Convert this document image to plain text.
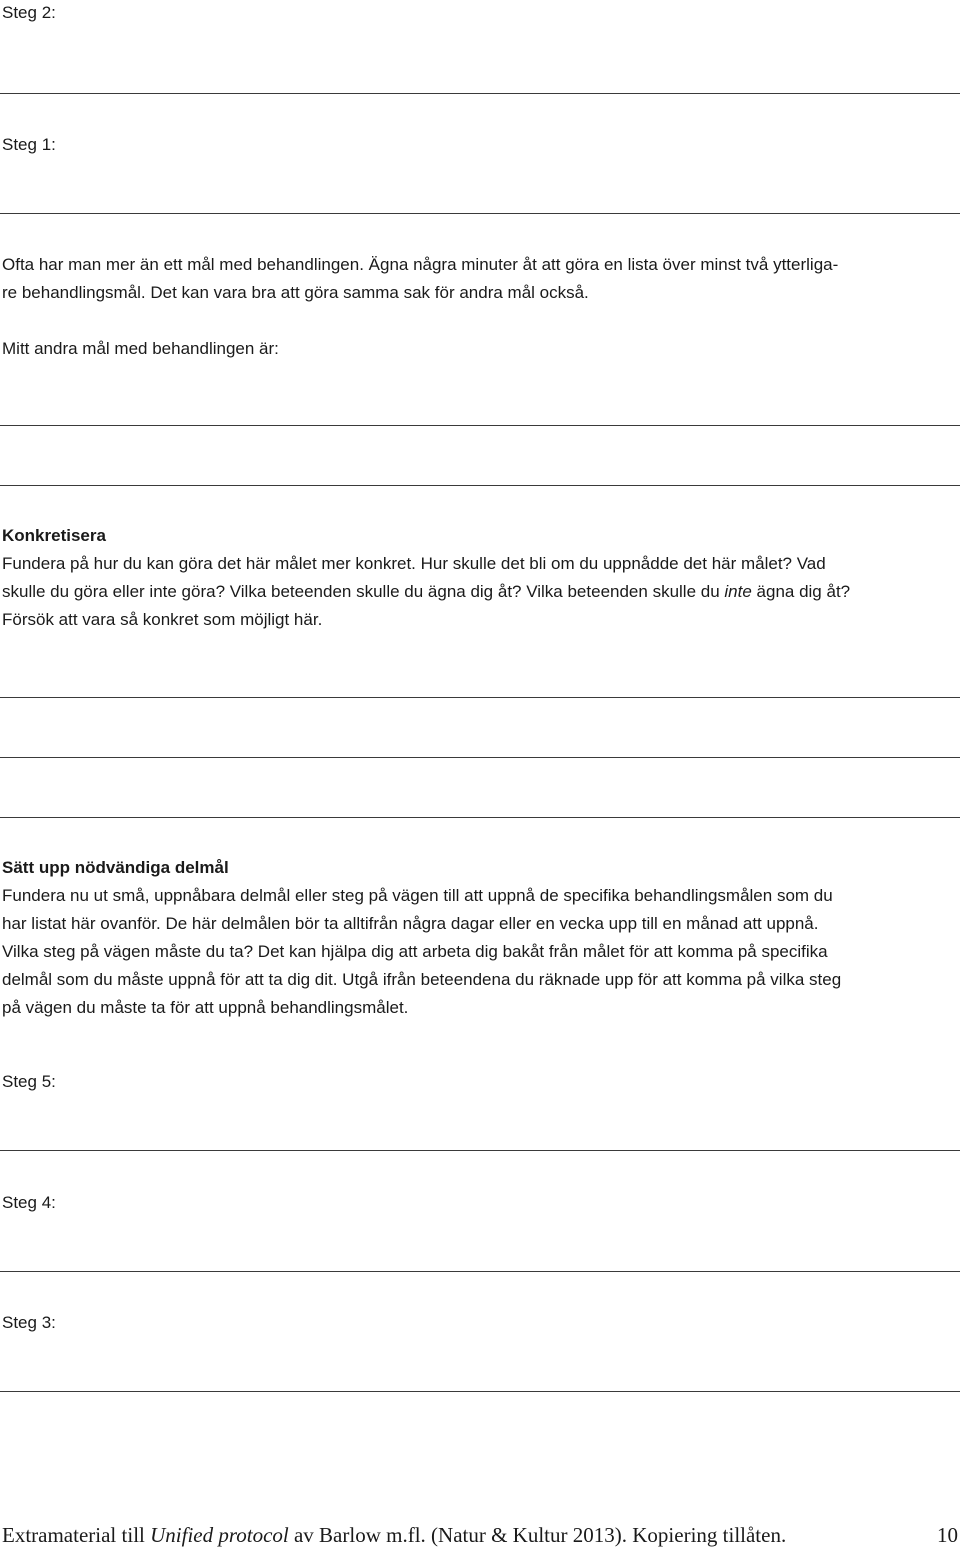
Steg 2:
Steg 1:
Ofta har man mer än ett mål med behandlingen. Ägna några minuter åt att göra en lista över minst två ytterliga-
re behandlingsmål. Det kan vara bra att göra samma sak för andra mål också.
Mitt andra mål med behandlingen är:
Konkretisera
Fundera på hur du kan göra det här målet mer konkret. Hur skulle det bli om du uppnådde det här målet? Vad
skulle du göra eller inte göra? Vilka beteenden skulle du ägna dig åt? Vilka beteenden skulle du inte ägna dig åt?
Försök att vara så konkret som möjligt här.
Sätt upp nödvändiga delmål
Fundera nu ut små, uppnåbara delmål eller steg på vägen till att uppnå de specifika behandlingsmålen som du
har listat här ovanför. De här delmålen bör ta alltifrån några dagar eller en vecka upp till en månad att uppnå.
Vilka steg på vägen måste du ta? Det kan hjälpa dig att arbeta dig bakåt från målet för att komma på specifika
delmål som du måste uppnå för att ta dig dit. Utgå ifrån beteendena du räknade upp för att komma på vilka steg
på vägen du måste ta för att uppnå behandlingsmålet.
Steg 5:
Steg 4:
Steg 3:
Extramaterial till Unified protocol av Barlow m.fl. (Natur & Kultur 2013). Kopiering tillåten.	10
